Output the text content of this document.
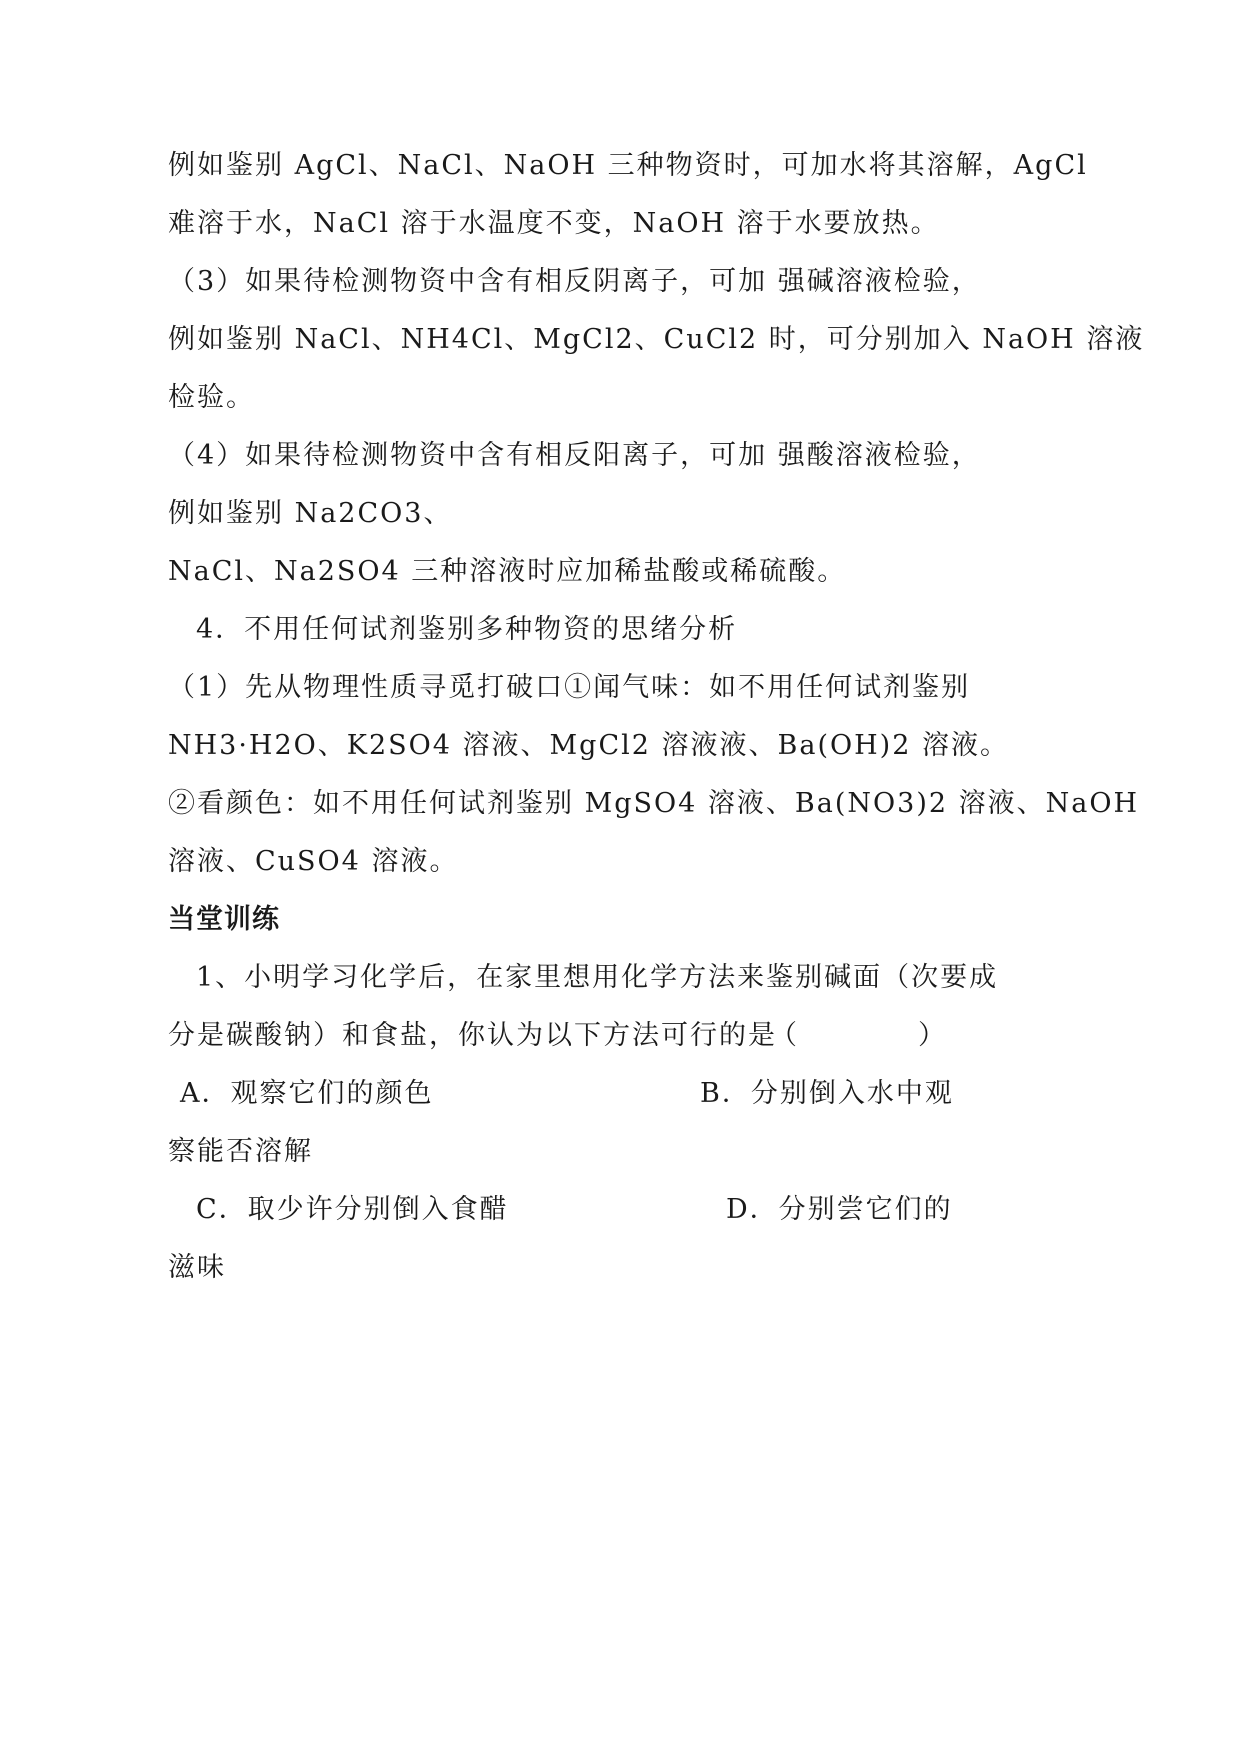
例如鉴别 AgCl、NaCl、NaOH 三种物资时，可加水将其溶解，AgCl

难溶于水，NaCl 溶于水温度不变，NaOH 溶于水要放热。

（3）如果待检测物资中含有相反阴离子，可加 强碱溶液检验，

例如鉴别 NaCl、NH4Cl、MgCl2、CuCl2 时，可分别加入 NaOH 溶液

检验。

（4）如果待检测物资中含有相反阳离子，可加 强酸溶液检验，

例如鉴别 Na2CO3、

NaCl、Na2SO4 三种溶液时应加稀盐酸或稀硫酸。

4．不用任何试剂鉴别多种物资的思绪分析

（1）先从物理性质寻觅打破口①闻气味：如不用任何试剂鉴别

NH3·H2O、K2SO4 溶液、MgCl2 溶液液、Ba(OH)2 溶液。

②看颜色：如不用任何试剂鉴别 MgSO4 溶液、Ba(NO3)2 溶液、NaOH

溶液、CuSO4 溶液。

当堂训练

1、小明学习化学后，在家里想用化学方法来鉴别碱面（次要成

分是碳酸钠）和食盐，你认为以下方法可行的是

（	）

A．观察它们的颜色	B．分别倒入水中观

察能否溶解

C．取少许分别倒入食醋	D．分别尝它们的

滋味
